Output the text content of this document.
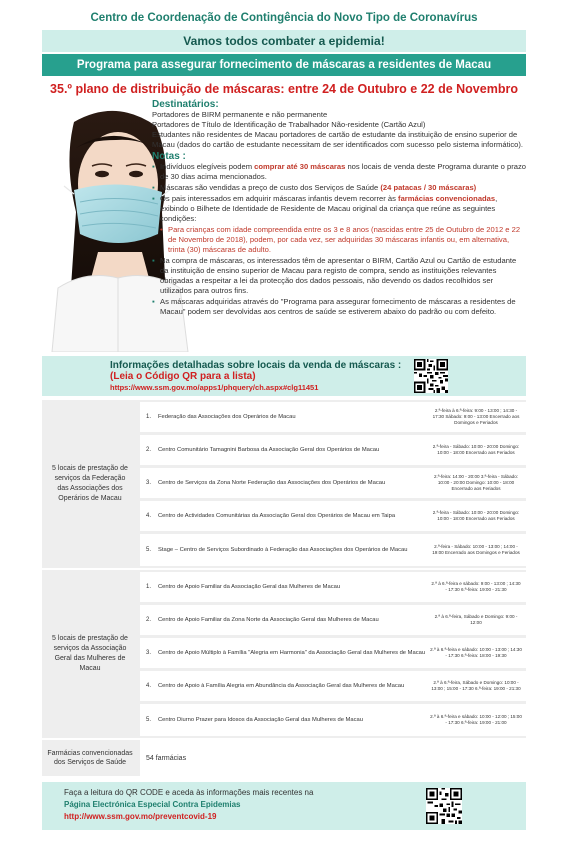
Centro de Coordenação de Contingência do Novo Tipo de Coronavírus
Vamos todos combater a epidemia!
Programa para assegurar fornecimento de máscaras a residentes de Macau
35.º plano de distribuição de máscaras: entre 24 de Outubro e 22 de Novembro
Destinatários:

Portadores de BIRM permanente e não permanente

Portadores de Título de Identificação de Trabalhador Não-residente (Cartão Azul)

Estudantes não residentes de Macau portadores de cartão de estudante da instituição de ensino superior de Macau (dados do cartão de estudante necessitam de ser identificados com sucesso pelo sistema informático).

Notas :
▪ Indivíduos elegíveis podem comprar até 30 máscaras nos locais de venda deste Programa durante o prazo de 30 dias acima mencionados.
▪ Máscaras são vendidas a preço de custo dos Serviços de Saúde (24 patacas / 30 máscaras)
▪ Os pais interessados em adquirir máscaras infantis devem recorrer às farmácias convencionadas, exibindo o Bilhete de Identidade de Residente de Macau original da criança que reúne as seguintes condições:
• Para crianças com idade compreendida entre os 3 e 8 anos (nascidas entre 25 de Outubro de 2012 e 22 de Novembro de 2018), podem, por cada vez, ser adquiridas 30 máscaras infantis ou, em alternativa, trinta (30) máscaras de adulto.
▪ Na compra de máscaras, os interessados têm de apresentar o BIRM, Cartão Azul ou Cartão de estudante da instituição de ensino superior de Macau para registo de compra, sendo as instituições relevantes obrigadas a respeitar a lei da protecção dos dados pessoais, não devendo os dados recolhidos ser utilizados para outros fins.
▪ As máscaras adquiridas através do "Programa para assegurar fornecimento de máscaras a residentes de Macau" podem ser devolvidas aos centros de saúde se estiverem abaixo do padrão ou com defeito.
Informações detalhadas sobre locais da venda de máscaras :
(Leia o Código QR para a lista)
https://www.ssm.gov.mo/apps1/phquery/ch.aspx#clg11451
5 locais de prestação de serviços da Federação das Associações dos Operários de Macau
1. Federação das Associações dos Operários de Macau
2.ª-feira à 6.ª-feira: 9:00 - 13:00 ; 14:30 - 17:30 Sábado: 9:00 - 13:00 Encerrado aos Domingos e Feriados
2. Centro Comunitário Tamagnini Barbosa da Associação Geral dos Operários de Macau
2.ª-feira - Sábado: 10:00 - 20:00 Domingo: 10:00 - 18:00 Encerrado aos Feriados
3. Centro de Serviços da Zona Norte Federação das Associações dos Operários de Macau
2.ª-feira: 14:00 - 20:00 3.ª-feira - Sábado: 10:00 - 20:00 Domingo: 10:00 - 18:00 Encerrado aos Feriados
4. Centro de Actividades Comunitárias da Associação Geral dos Operários de Macau em Taipa
2.ª-feira - Sábado: 10:00 - 20:00 Domingo: 10:00 - 18:00 Encerrado aos Feriados
5. Stage – Centro de Serviços Subordinado à Federação das Associações dos Operários de Macau
2.ª-feira - Sábado: 10:00 - 13:00 ; 14:00 - 19:00 Encerrado aos Domingos e Feriados
5 locais de prestação de serviços da Associação Geral das Mulheres de Macau
1. Centro de Apoio Familiar da Associação Geral das Mulheres de Macau
2.ª à 6.ª-feira e sábado: 9:00 - 13:00 ; 14:30 - 17:30 6.ª-feira: 19:00 - 21:30
2. Centro de Apoio Familiar da Zona Norte da Associação Geral das Mulheres de Macau
2.ª à 6.ª-feira, Sábado e Domingo: 9:00 - 12:00
3. Centro de Apoio Múltiplo à Família "Alegria em Harmonia" da Associação Geral das Mulheres de Macau
2.ª à 6.ª-feira e sábado: 10:00 - 13:00 ; 14:30 - 17:30 6.ª-feira: 18:00 - 19:30
4. Centro de Apoio à Família Alegria em Abundância da Associação Geral das Mulheres de Macau
2.ª à 6.ª-feira, Sábado e Domingo: 10:00 - 13:00 ; 15:00 - 17:30 6.ª-feira: 19:00 - 21:30
5. Centro Diurno Prazer para Idosos da Associação Geral das Mulheres de Macau
2.ª à 6.ª-feira e sábado: 10:00 - 12:00 ; 15:00 - 17:30 6.ª-feira: 19:00 - 21:00
Farmácias convencionadas dos Serviços de Saúde
54 farmácias
Faça a leitura do QR CODE e aceda às informações mais recentes na
Página Electrónica Especial Contra Epidemias
http://www.ssm.gov.mo/preventcovid-19
